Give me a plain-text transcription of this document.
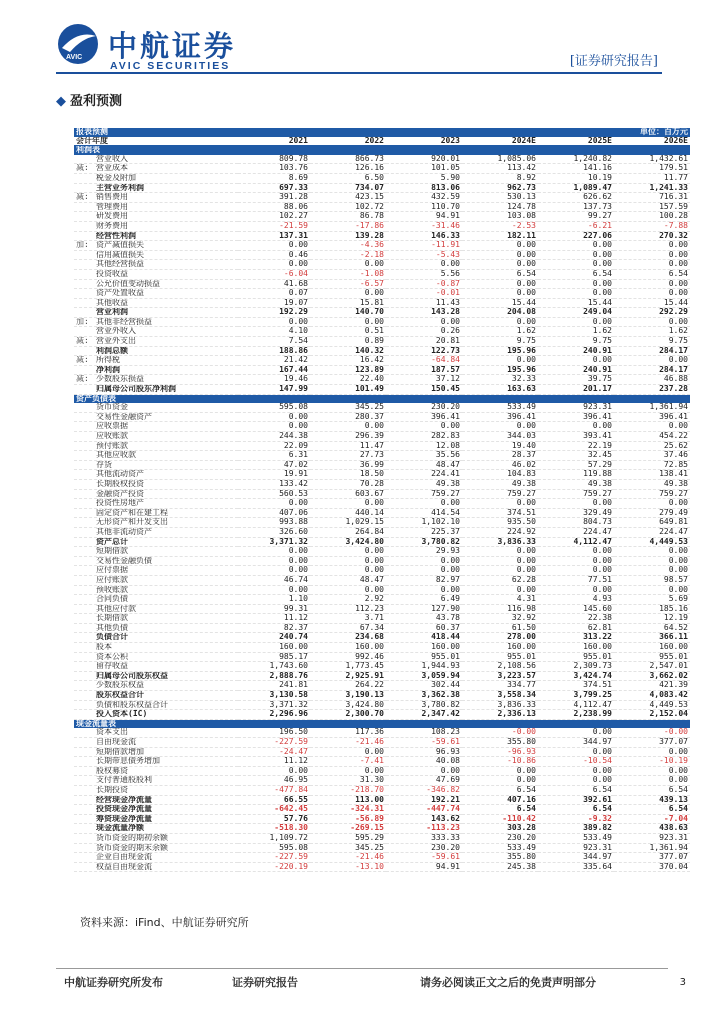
AVIC 中航证券
AVIC SECURITIES	[证券研究报告]
◆ 盈利预测
报表预测			单位：百万元			
会计年度	2021	2022	2023	2024E	2025E	2026E
利润表						
营业收入	809.78	866.73	920.01	1,085.06	1,240.82	1,432.61
减: 营业成本	103.76	126.16	101.05	113.42	141.16	179.51
税金及附加	8.69	6.50	5.90	8.92	10.19	11.77
主营业务利润	697.33	734.07	813.06	962.73	1,089.47	1,241.33
减: 销售费用	391.28	423.15	432.59	530.13	626.62	716.31
管理费用	88.06	102.72	110.70	124.78	137.73	157.59
研发费用	102.27	86.78	94.91	103.08	99.27	100.28
财务费用	-21.59	-17.86	-31.46	-2.53	-6.21	-7.88
经营性利润	137.31	139.28	146.33	182.11	227.06	270.32
加: 资产减值损失	0.00	-4.36	-11.91	0.00	0.00	0.00
信用减值损失	0.46	-2.18	-5.43	0.00	0.00	0.00
其他经营损益	0.00	0.00	0.00	0.00	0.00	0.00
投资收益	-6.04	-1.08	5.56	6.54	6.54	6.54
公允价值变动损益	41.68	-6.57	-0.87	0.00	0.00	0.00
资产处置收益	0.07	0.00	-0.01	0.00	0.00	0.00
其他收益	19.07	15.81	11.43	15.44	15.44	15.44
营业利润	192.29	140.70	143.28	204.08	249.04	292.29
加: 其他非经营损益	0.00	0.00	0.00	0.00	0.00	0.00
营业外收入	4.10	0.51	0.26	1.62	1.62	1.62
减: 营业外支出	7.54	0.89	20.81	9.75	9.75	9.75
利润总额	188.86	140.32	122.73	195.96	240.91	284.17
减: 所得税	21.42	16.42	-64.84	0.00	0.00	0.00
净利润	167.44	123.89	187.57	195.96	240.91	284.17
减: 少数股东损益	19.46	22.40	37.12	32.33	39.75	46.88
归属母公司股东净利润	147.99	101.49	150.45	163.63	201.17	237.28
资产负债表						
货币资金	595.08	345.25	230.20	533.49	923.31	1,361.94
交易性金融资产	0.00	280.37	396.41	396.41	396.41	396.41
应收票据	0.00	0.00	0.00	0.00	0.00	0.00
应收账款	244.38	296.39	282.83	344.03	393.41	454.22
预付账款	22.09	11.47	12.08	19.40	22.19	25.62
其他应收款	6.31	27.73	35.56	28.37	32.45	37.46
存货	47.02	36.99	48.47	46.02	57.29	72.85
其他流动资产	19.91	18.50	224.41	104.83	119.88	138.41
长期股权投资	133.42	70.28	49.38	49.38	49.38	49.38
金融资产投资	560.53	603.67	759.27	759.27	759.27	759.27
投资性房地产	0.00	0.00	0.00	0.00	0.00	0.00
固定资产和在建工程	407.06	440.14	414.54	374.51	329.49	279.49
无形资产和开发支出	993.88	1,029.15	1,102.10	935.50	804.73	649.81
其他非流动资产	326.60	264.84	225.37	224.92	224.47	224.47
资产总计	3,371.32	3,424.80	3,780.82	3,836.33	4,112.47	4,449.53
短期借款	0.00	0.00	29.93	0.00	0.00	0.00
交易性金融负债	0.00	0.00	0.00	0.00	0.00	0.00
应付票据	0.00	0.00	0.00	0.00	0.00	0.00
应付账款	46.74	48.47	82.97	62.28	77.51	98.57
预收账款	0.00	0.00	0.00	0.00	0.00	0.00
合同负债	1.10	2.92	6.49	4.31	4.93	5.69
其他应付款	99.31	112.23	127.90	116.98	145.60	185.16
长期借款	11.12	3.71	43.78	32.92	22.38	12.19
其他负债	82.37	67.34	60.37	61.50	62.81	64.52
负债合计	240.74	234.68	418.44	278.00	313.22	366.11
股本	160.00	160.00	160.00	160.00	160.00	160.00
资本公积	985.17	992.46	955.01	955.01	955.01	955.01
留存收益	1,743.60	1,773.45	1,944.93	2,108.56	2,309.73	2,547.01
归属母公司股东权益	2,888.76	2,925.91	3,059.94	3,223.57	3,424.74	3,662.02
少数股东权益	241.81	264.22	302.44	334.77	374.51	421.39
股东权益合计	3,130.58	3,190.13	3,362.38	3,558.34	3,799.25	4,083.42
负债和股东权益合计	3,371.32	3,424.80	3,780.82	3,836.33	4,112.47	4,449.53
投入资本(IC)	2,296.96	2,300.70	2,347.42	2,336.13	2,238.99	2,152.04
现金流量表						
资本支出	196.50	117.36	108.23	-0.00	0.00	-0.00
自由现金流	-227.59	-21.46	-59.61	355.80	344.97	377.07
短期借款增加	-24.47	0.00	96.93	-96.93	0.00	0.00
长期带息债务增加	11.12	-7.41	40.08	-10.86	-10.54	-10.19
股权募资	0.00	0.00	0.00	0.00	0.00	0.00
支付普通股股利	46.95	31.30	47.69	0.00	0.00	0.00
长期投资	-477.84	-218.70	-346.82	6.54	6.54	6.54
经营现金净流量	66.55	113.00	192.21	407.16	392.61	439.13
投资现金净流量	-642.45	-324.31	-447.74	6.54	6.54	6.54
筹资现金净流量	57.76	-56.89	143.62	-110.42	-9.32	-7.04
现金流量净额	-518.30	-269.15	-113.23	303.28	389.82	438.63
货币资金的期初余额	1,109.72	595.29	333.33	230.20	533.49	923.31
货币资金的期末余额	595.08	345.25	230.20	533.49	923.31	1,361.94
企业自由现金流	-227.59	-21.46	-59.61	355.80	344.97	377.07
权益自由现金流	-220.19	-13.10	94.91	245.38	335.64	370.04
资料来源：iFind、中航证券研究所
中航证券研究所发布	证券研究报告	请务必阅读正文之后的免责声明部分	3
